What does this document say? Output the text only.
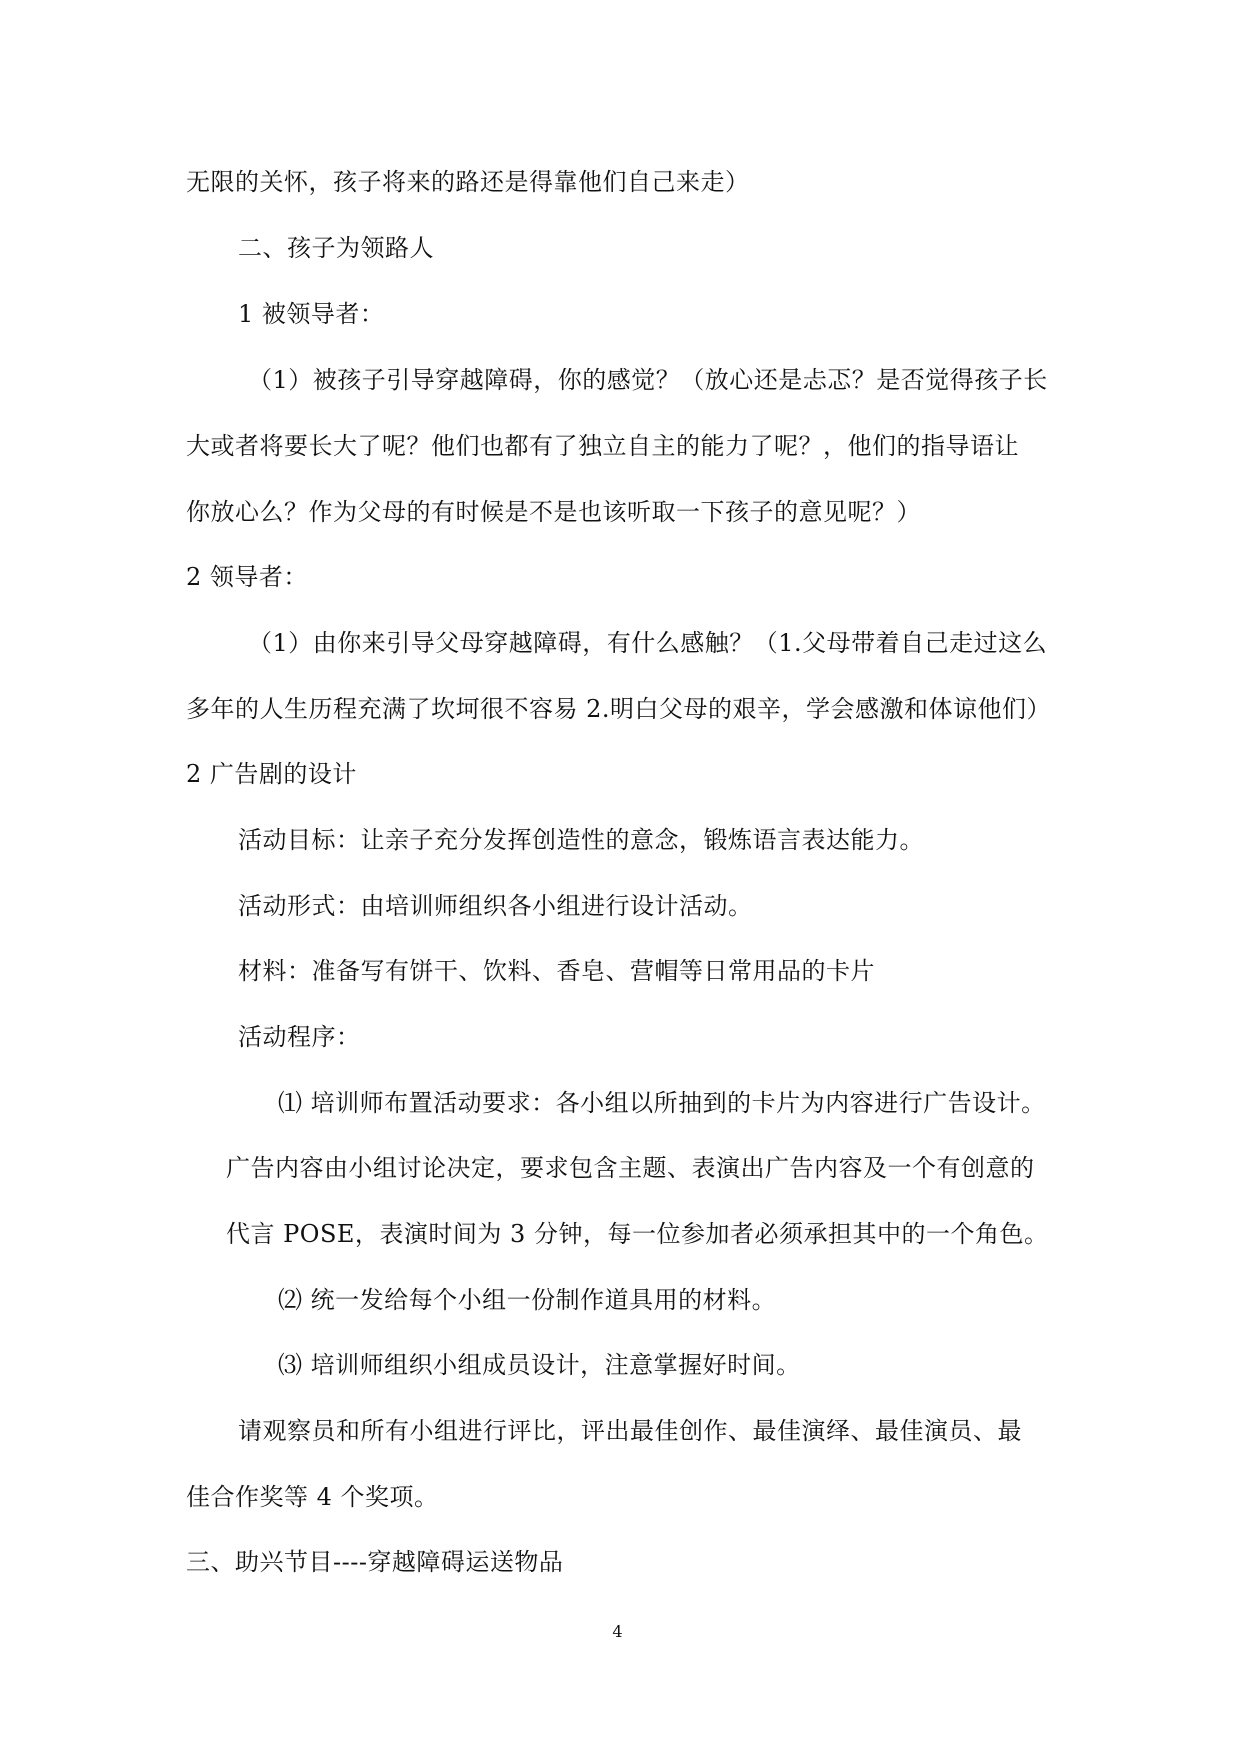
无限的关怀，孩子将来的路还是得靠他们自己来走）
二、孩子为领路人
1 被领导者：
（1）被孩子引导穿越障碍，你的感觉？（放心还是忐忑？是否觉得孩子长
大或者将要长大了呢？他们也都有了独立自主的能力了呢？，他们的指导语让
你放心么？作为父母的有时候是不是也该听取一下孩子的意见呢？）
2 领导者：
（1）由你来引导父母穿越障碍，有什么感触？（1.父母带着自己走过这么
多年的人生历程充满了坎坷很不容易 2.明白父母的艰辛，学会感激和体谅他们）
2 广告剧的设计
活动目标：让亲子充分发挥创造性的意念，锻炼语言表达能力。
活动形式：由培训师组织各小组进行设计活动。
材料：准备写有饼干、饮料、香皂、营帽等日常用品的卡片
活动程序：
⑴ 培训师布置活动要求：各小组以所抽到的卡片为内容进行广告设计。
广告内容由小组讨论决定，要求包含主题、表演出广告内容及一个有创意的
代言 POSE，表演时间为 3 分钟，每一位参加者必须承担其中的一个角色。
⑵ 统一发给每个小组一份制作道具用的材料。
⑶ 培训师组织小组成员设计，注意掌握好时间。
请观察员和所有小组进行评比，评出最佳创作、最佳演绎、最佳演员、最
佳合作奖等 4 个奖项。
三、助兴节目----穿越障碍运送物品
4
